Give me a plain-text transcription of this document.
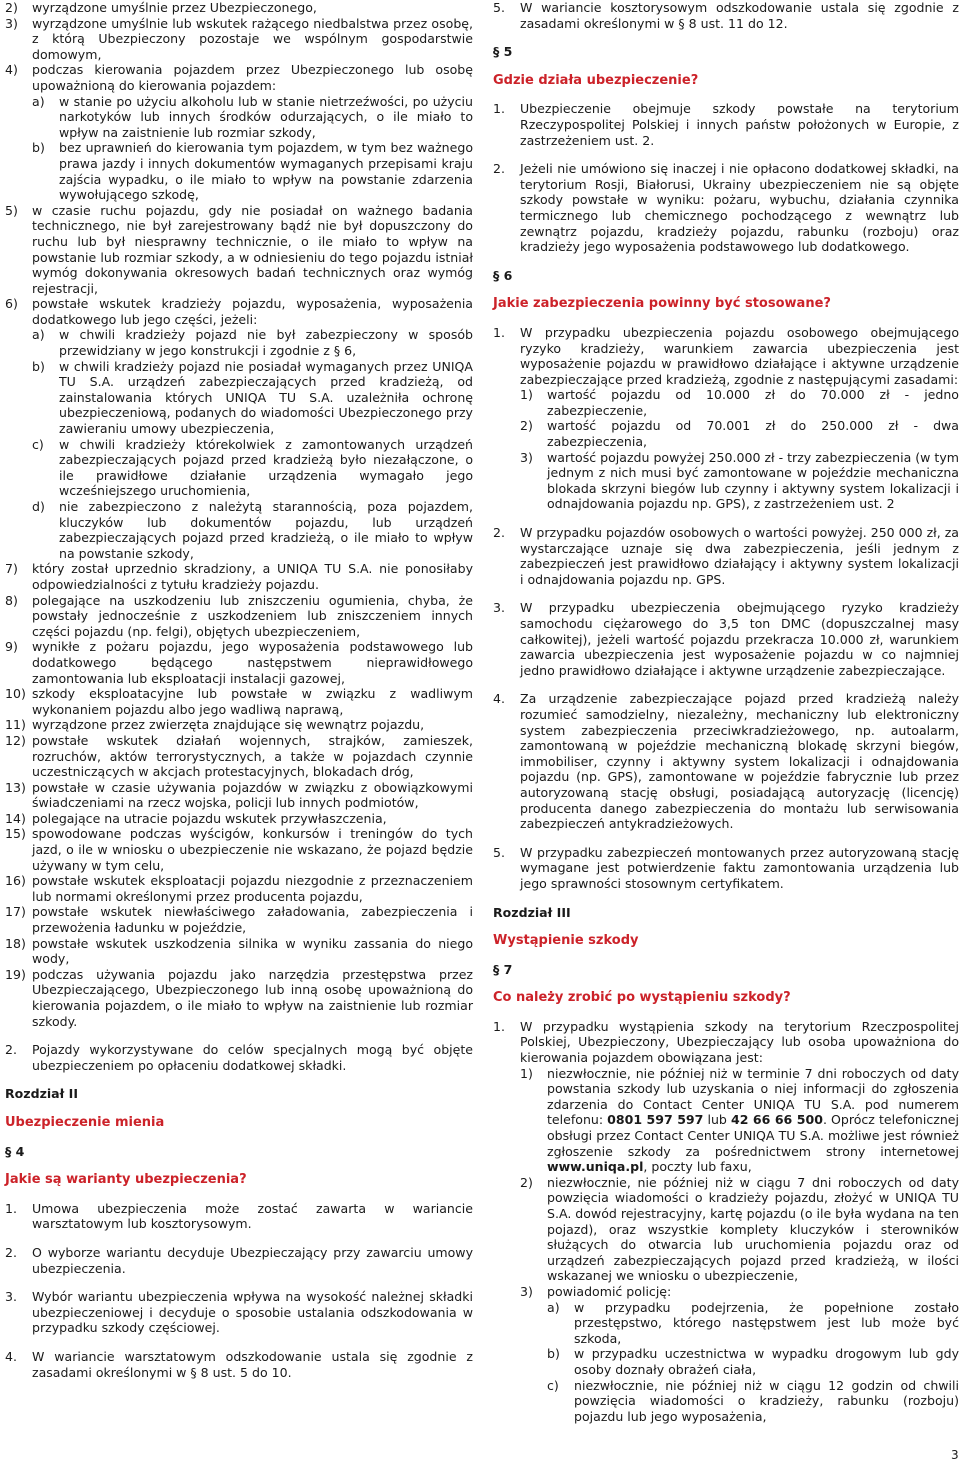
2) wyrządzone umyślnie przez Ubezpieczonego,
3) wyrządzone umyślnie lub wskutek rażącego niedbalstwa przez osobę, z którą Ubezpieczony pozostaje we wspólnym gospodarstwie domowym,
4) podczas kierowania pojazdem przez Ubezpieczonego lub osobę upoważnioną do kierowania pojazdem:
a) w stanie po użyciu alkoholu lub w stanie nietrzeźwości, po użyciu narkotyków lub innych środków odurzających, o ile miało to wpływ na zaistnienie lub rozmiar szkody,
b) bez uprawnień do kierowania tym pojazdem, w tym bez ważnego prawa jazdy i innych dokumentów wymaganych przepisami kraju zajścia wypadku, o ile miało to wpływ na powstanie zdarzenia wywołującego szkodę,
5) w czasie ruchu pojazdu, gdy nie posiadał on ważnego badania technicznego, nie był zarejestrowany bądź nie był dopuszczony do ruchu lub był niesprawny technicznie, o ile miało to wpływ na powstanie lub rozmiar szkody, a w odniesieniu do tego pojazdu istniał wymóg dokonywania okresowych badań technicznych oraz wymóg rejestracji,
6) powstałe wskutek kradzieży pojazdu, wyposażenia, wyposażenia dodatkowego lub jego części, jeżeli:
a) w chwili kradzieży pojazd nie był zabezpieczony w sposób przewidziany w jego konstrukcji i zgodnie z § 6,
b) w chwili kradzieży pojazd nie posiadał wymaganych przez UNIQA TU S.A. urządzeń zabezpieczających przed kradzieżą, od zainstalowania których UNIQA TU S.A. uzależniła ochronę ubezpieczeniową, podanych do wiadomości Ubezpieczonego przy zawieraniu umowy ubezpieczenia,
c) w chwili kradzieży którekolwiek z zamontowanych urządzeń zabezpieczających pojazd przed kradzieżą było niezałączone, o ile prawidłowe działanie urządzenia wymagało jego wcześniejszego uruchomienia,
d) nie zabezpieczono z należytą starannością, poza pojazdem, kluczyków lub dokumentów pojazdu, lub urządzeń zabezpieczających pojazd przed kradzieżą, o ile miało to wpływ na powstanie szkody,
7) który został uprzednio skradziony, a UNIQA TU S.A. nie ponosiłaby odpowiedzialności z tytułu kradzieży pojazdu.
8) polegające na uszkodzeniu lub zniszczeniu ogumienia, chyba, że powstały jednocześnie z uszkodzeniem lub zniszczeniem innych części pojazdu (np. felgi), objętych ubezpieczeniem,
9) wynikłe z pożaru pojazdu, jego wyposażenia podstawowego lub dodatkowego będącego następstwem nieprawidłowego zamontowania lub eksploatacji instalacji gazowej,
10) szkody eksploatacyjne lub powstałe w związku z wadliwym wykonaniem pojazdu albo jego wadliwą naprawą,
11) wyrządzone przez zwierzęta znajdujące się wewnątrz pojazdu,
12) powstałe wskutek działań wojennych, strajków, zamieszek, rozruchów, aktów terrorystycznych, a także w pojazdach czynnie uczestniczących w akcjach protestacyjnych, blokadach dróg,
13) powstałe w czasie używania pojazdów w związku z obowiązkowymi świadczeniami na rzecz wojska, policji lub innych podmiotów,
14) polegające na utracie pojazdu wskutek przywłaszczenia,
15) spowodowane podczas wyścigów, konkursów i treningów do tych jazd, o ile w wniosku o ubezpieczenie nie wskazano, że pojazd będzie używany w tym celu,
16) powstałe wskutek eksploatacji pojazdu niezgodnie z przeznaczeniem lub normami określonymi przez producenta pojazdu,
17) powstałe wskutek niewłaściwego załadowania, zabezpieczenia i przewożenia ładunku w pojeździe,
18) powstałe wskutek uszkodzenia silnika w wyniku zassania do niego wody,
19) podczas używania pojazdu jako narzędzia przestępstwa przez Ubezpieczającego, Ubezpieczonego lub inną osobę upoważnioną do kierowania pojazdem, o ile miało to wpływ na zaistnienie lub rozmiar szkody.
2. Pojazdy wykorzystywane do celów specjalnych mogą być objęte ubezpieczeniem po opłaceniu dodatkowej składki.
Rozdział II
Ubezpieczenie mienia
§ 4
Jakie są warianty ubezpieczenia?
1. Umowa ubezpieczenia może zostać zawarta w wariancie warsztatowym lub kosztorysowym.
2. O wyborze wariantu decyduje Ubezpieczający przy zawarciu umowy ubezpieczenia.
3. Wybór wariantu ubezpieczenia wpływa na wysokość należnej składki ubezpieczeniowej i decyduje o sposobie ustalania odszkodowania w przypadku szkody częściowej.
4. W wariancie warsztatowym odszkodowanie ustala się zgodnie z zasadami określonymi w § 8 ust. 5 do 10.
5. W wariancie kosztorysowym odszkodowanie ustala się zgodnie z zasadami określonymi w § 8 ust. 11 do 12.
§ 5
Gdzie działa ubezpieczenie?
1. Ubezpieczenie obejmuje szkody powstałe na terytorium Rzeczypospolitej Polskiej i innych państw położonych w Europie, z zastrzeżeniem ust. 2.
2. Jeżeli nie umówiono się inaczej i nie opłacono dodatkowej składki, na terytorium Rosji, Białorusi, Ukrainy ubezpieczeniem nie są objęte szkody powstałe w wyniku: pożaru, wybuchu, działania czynnika termicznego lub chemicznego pochodzącego z wewnątrz lub zewnątrz pojazdu, kradzieży pojazdu, rabunku (rozboju) oraz kradzieży jego wyposażenia podstawowego lub dodatkowego.
§ 6
Jakie zabezpieczenia powinny być stosowane?
1. W przypadku ubezpieczenia pojazdu osobowego obejmującego ryzyko kradzieży, warunkiem zawarcia ubezpieczenia jest wyposażenie pojazdu w prawidłowo działające i aktywne urządzenie zabezpieczające przed kradzieżą, zgodnie z następującymi zasadami:
1) wartość pojazdu od 10.000 zł do 70.000 zł - jedno zabezpieczenie,
2) wartość pojazdu od 70.001 zł do 250.000 zł - dwa zabezpieczenia,
3) wartość pojazdu powyżej 250.000 zł - trzy zabezpieczenia (w tym jednym z nich musi być zamontowane w pojeździe mechaniczna blokada skrzyni biegów lub czynny i aktywny system lokalizacji i odnajdowania pojazdu np. GPS), z zastrzeżeniem ust. 2
2. W przypadku pojazdów osobowych o wartości powyżej. 250 000 zł, za wystarczające uznaje się dwa zabezpieczenia, jeśli jednym z zabezpieczeń jest prawidłowo działający i aktywny system lokalizacji i odnajdowania pojazdu np. GPS.
3. W przypadku ubezpieczenia obejmującego ryzyko kradzieży samochodu ciężarowego do 3,5 ton DMC (dopuszczalnej masy całkowitej), jeżeli wartość pojazdu przekracza 10.000 zł, warunkiem zawarcia ubezpieczenia jest wyposażenie pojazdu w co najmniej jedno prawidłowo działające i aktywne urządzenie zabezpieczające.
4. Za urządzenie zabezpieczające pojazd przed kradzieżą należy rozumieć samodzielny, niezależny, mechaniczny lub elektroniczny system zabezpieczenia przeciwkradzieżowego, np. autoalarm, zamontowaną w pojeździe mechaniczną blokadę skrzyni biegów, immobiliser, czynny i aktywny system lokalizacji i odnajdowania pojazdu (np. GPS), zamontowane w pojeździe fabrycznie lub przez autoryzowaną stację obsługi, posiadającą autoryzację (licencję) producenta danego zabezpieczenia do montażu lub serwisowania zabezpieczeń antykradzieżowych.
5. W przypadku zabezpieczeń montowanych przez autoryzowaną stację wymagane jest potwierdzenie faktu zamontowania urządzenia lub jego sprawności stosownym certyfikatem.
Rozdział III
Wystąpienie szkody
§ 7
Co należy zrobić po wystąpieniu szkody?
1. W przypadku wystąpienia szkody na terytorium Rzeczpospolitej Polskiej, Ubezpieczony, Ubezpieczający lub osoba upoważniona do kierowania pojazdem obowiązana jest:
1) niezwłocznie, nie później niż w terminie 7 dni roboczych od daty powstania szkody lub uzyskania o niej informacji do zgłoszenia zdarzenia do Contact Center UNIQA TU S.A. pod numerem telefonu: 0801 597 597 lub 42 66 66 500. Oprócz telefonicznej obsługi przez Contact Center UNIQA TU S.A. możliwe jest również zgłoszenie szkody za pośrednictwem strony internetowej www.uniqa.pl, poczty lub faxu,
2) niezwłocznie, nie później niż w ciągu 7 dni roboczych od daty powzięcia wiadomości o kradzieży pojazdu, złożyć w UNIQA TU S.A. dowód rejestracyjny, kartę pojazdu (o ile była wydana na ten pojazd), oraz wszystkie komplety kluczyków i sterowników służących do otwarcia lub uruchomienia pojazdu oraz od urządzeń zabezpieczających pojazd przed kradzieżą, w ilości wskazanej we wniosku o ubezpieczenie,
3) powiadomić policję:
a) w przypadku podejrzenia, że popełnione zostało przestępstwo, którego następstwem jest lub może być szkoda,
b) w przypadku uczestnictwa w wypadku drogowym lub gdy osoby doznały obrażeń ciała,
c) niezwłocznie, nie później niż w ciągu 12 godzin od chwili powzięcia wiadomości o kradzieży, rabunku (rozboju) pojazdu lub jego wyposażenia,
3
